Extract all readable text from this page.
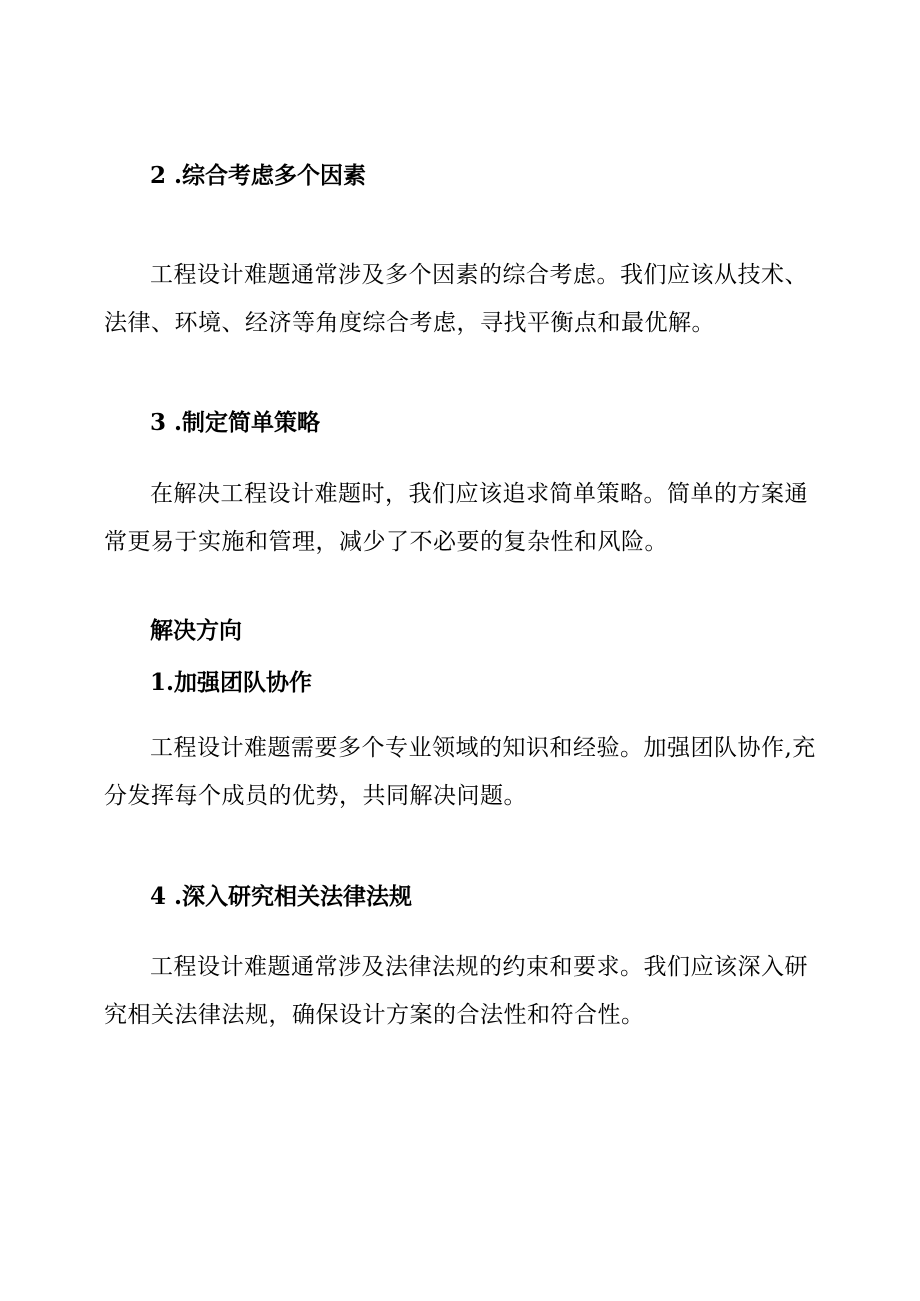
2 .综合考虑多个因素
工程设计难题通常涉及多个因素的综合考虑。我们应该从技术、法律、环境、经济等角度综合考虑，寻找平衡点和最优解。
3 .制定简单策略
在解决工程设计难题时，我们应该追求简单策略。简单的方案通常更易于实施和管理，减少了不必要的复杂性和风险。
解决方向
1.加强团队协作
工程设计难题需要多个专业领域的知识和经验。加强团队协作,充分发挥每个成员的优势，共同解决问题。
4 .深入研究相关法律法规
工程设计难题通常涉及法律法规的约束和要求。我们应该深入研究相关法律法规，确保设计方案的合法性和符合性。
